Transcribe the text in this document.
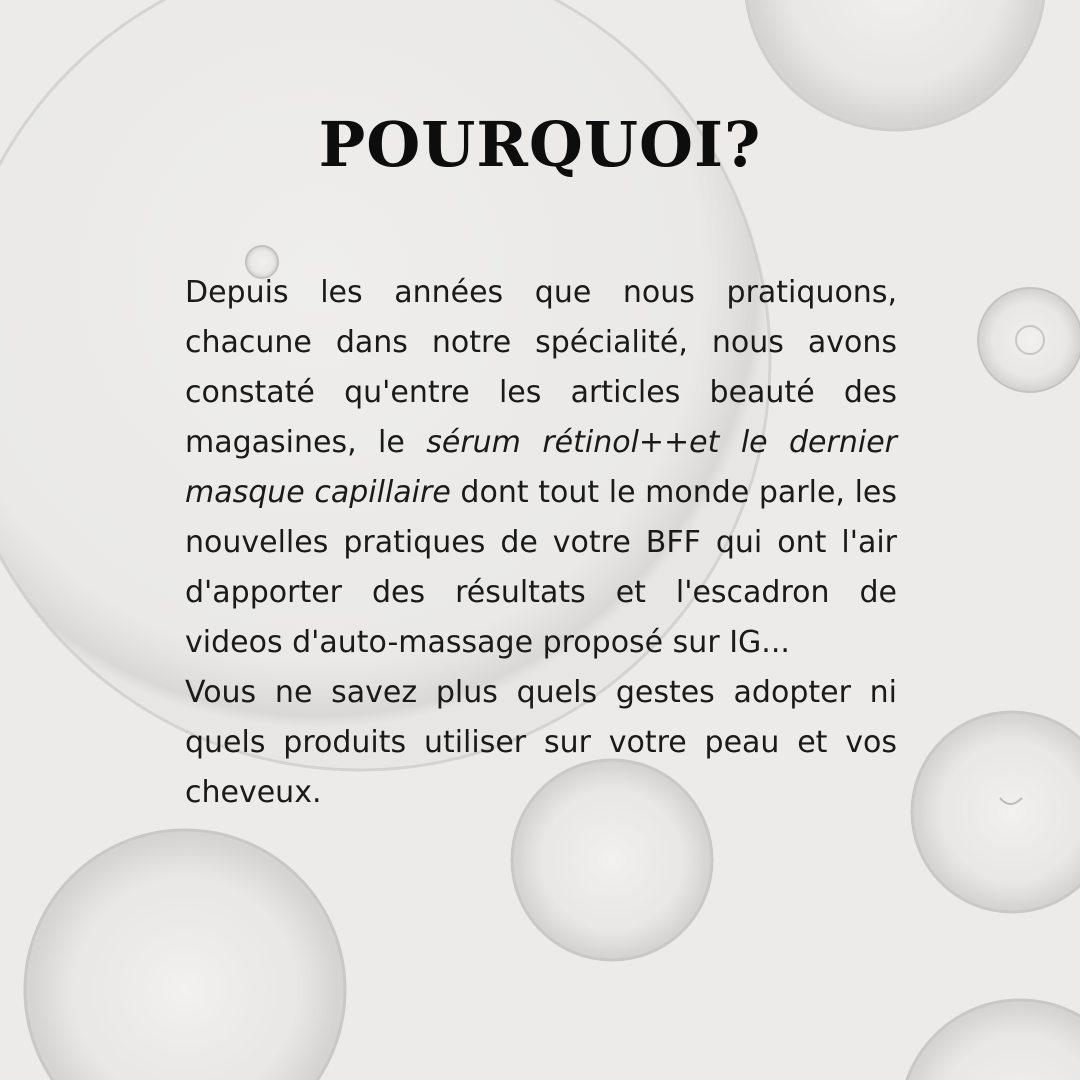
POURQUOI?

Depuis les années que nous pratiquons, chacune dans notre spécialité, nous avons constaté qu'entre les articles beauté des magasines, le sérum rétinol++et le dernier masque capillaire dont tout le monde parle, les nouvelles pratiques de votre BFF qui ont l'air d'apporter des résultats et l'escadron de videos d'auto-massage proposé sur IG...

Vous ne savez plus quels gestes adopter ni quels produits utiliser sur votre peau et vos cheveux.
